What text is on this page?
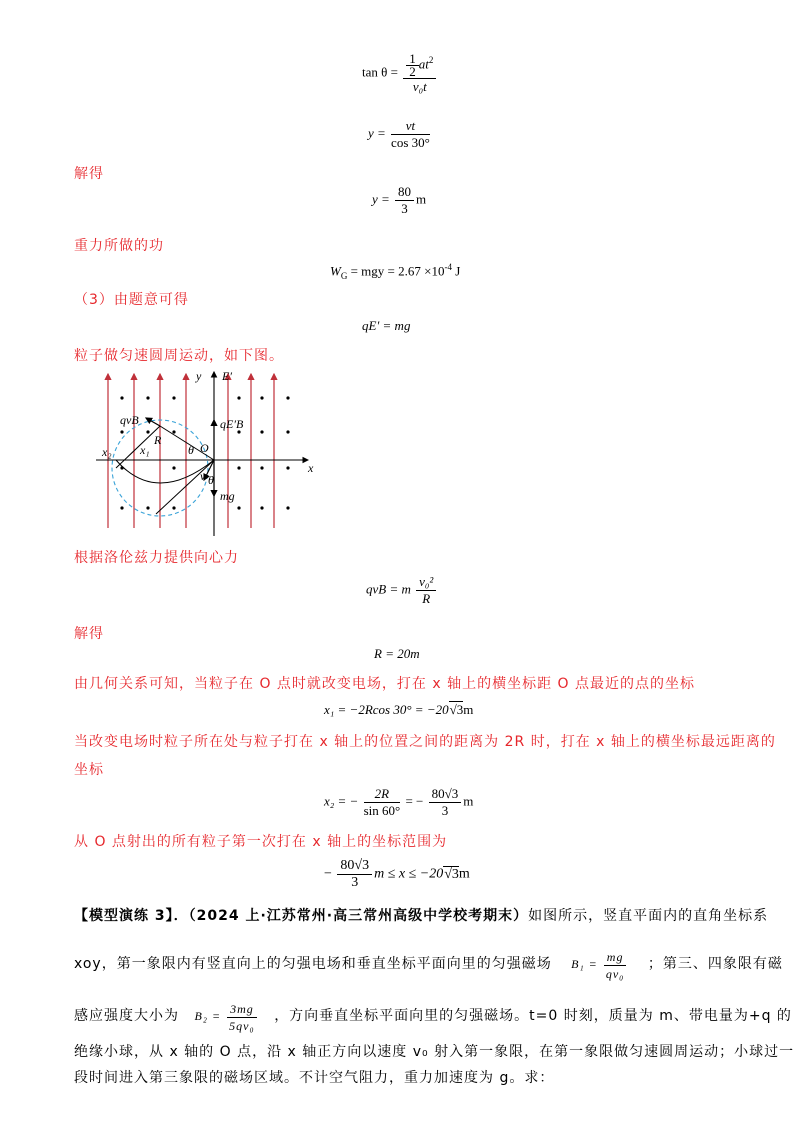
$\tan \theta = \frac{\frac{1}{2} at^2}{\text{v₀t}}$
$y = \frac{vt}{\cos 30^\circ}$
解得
$y = \frac{80}{3}$ m
重力所做的功
$W_G$ = mgy = $2.67 \times 10^{-4}$ J
（3）由题意可得
qE′ = mg
粒子做匀速圆周运动，如下图。
y E′
x
O
qvB	qE′B
R
x₁
x₂	θ
θ
v
mg
根据洛伦兹力提供向心力
qvB = m $\frac{\text{v₀²}}{R}$
解得
R = 20m
由几何关系可知，当粒子在 O 点时就改变电场，打在 x 轴上的横坐标距 O 点最近的点的坐标
x₁ = −2Rcos 30° = −20√3m
当改变电场时粒子所在处与粒子打在 x 轴上的位置之间的距离为 2R 时，打在 x 轴上的横坐标最远距离的
坐标
x₂ = − $\frac{2R}{\sin 60^\circ}$ = − $\frac{80√3}{3}$ m
从 O 点射出的所有粒子第一次打在 x 轴上的坐标范围为
− $\frac{80√3}{3}$ m ≤ x ≤ −20√3m
【模型演练 3】．（2024 上·江苏常州·高三常州高级中学校考期末）如图所示，竖直平面内的直角坐标系
xoy，第一象限内有竖直向上的匀强电场和垂直坐标平面向里的匀强磁场 $B_1 = \frac{mg}{\text{qv₀}}$ ；第三、四象限有磁
感应强度大小为 $B_2 = \frac{3mg}{\text{5qv₀}}$ ，方向垂直坐标平面向里的匀强磁场。t=0 时刻，质量为 m、带电量为+q 的
绝缘小球，从 x 轴的 O 点，沿 x 轴正方向以速度 v₀ 射入第一象限，在第一象限做匀速圆周运动；小球过一
段时间进入第三象限的磁场区域。不计空气阻力，重力加速度为 g。求：
